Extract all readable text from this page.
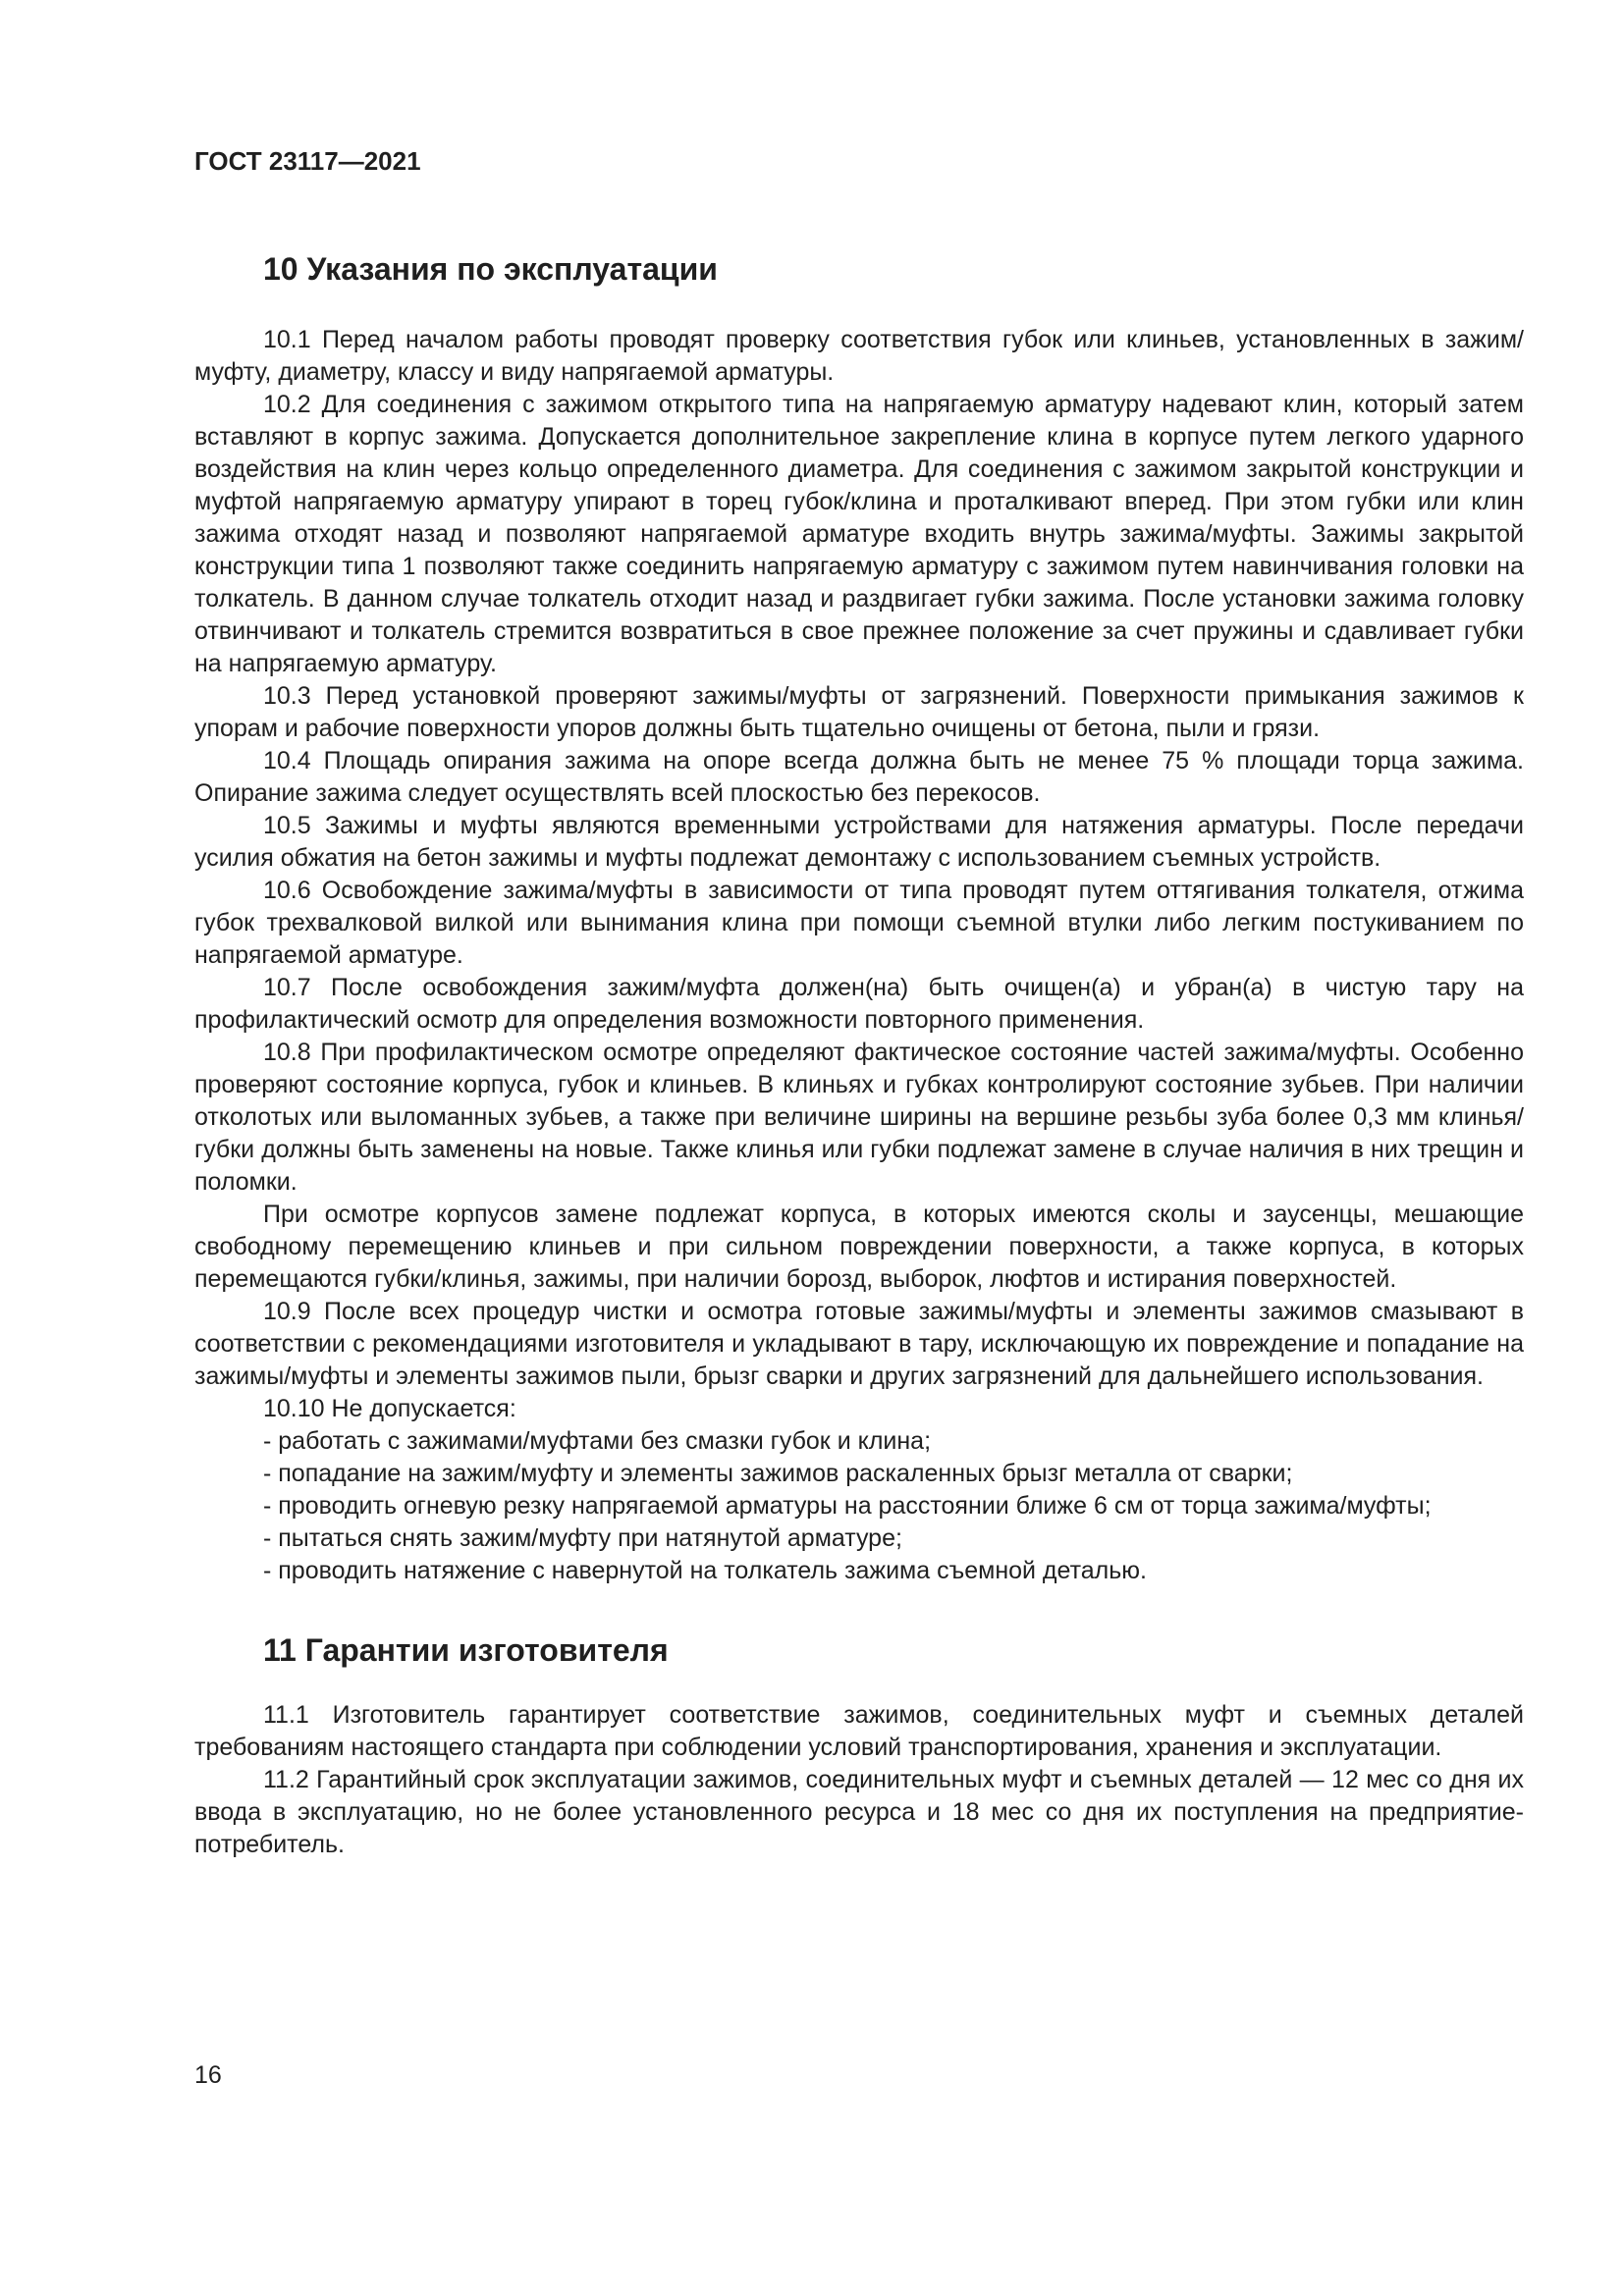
ГОСТ 23117—2021

10 Указания по эксплуатации

10.1 Перед началом работы проводят проверку соответствия губок или клиньев, установленных в зажим/муфту, диаметру, классу и виду напрягаемой арматуры.

10.2 Для соединения с зажимом открытого типа на напрягаемую арматуру надевают клин, который затем вставляют в корпус зажима. Допускается дополнительное закрепление клина в корпусе путем легкого ударного воздействия на клин через кольцо определенного диаметра. Для соединения с зажимом закрытой конструкции и муфтой напрягаемую арматуру упирают в торец губок/клина и проталкивают вперед. При этом губки или клин зажима отходят назад и позволяют напрягаемой арматуре входить внутрь зажима/муфты. Зажимы закрытой конструкции типа 1 позволяют также соединить напрягаемую арматуру с зажимом путем навинчивания головки на толкатель. В данном случае толкатель отходит назад и раздвигает губки зажима. После установки зажима головку отвинчивают и толкатель стремится возвратиться в свое прежнее положение за счет пружины и сдавливает губки на напрягаемую арматуру.

10.3 Перед установкой проверяют зажимы/муфты от загрязнений. Поверхности примыкания зажимов к упорам и рабочие поверхности упоров должны быть тщательно очищены от бетона, пыли и грязи.

10.4 Площадь опирания зажима на опоре всегда должна быть не менее 75 % площади торца зажима. Опирание зажима следует осуществлять всей плоскостью без перекосов.

10.5 Зажимы и муфты являются временными устройствами для натяжения арматуры. После передачи усилия обжатия на бетон зажимы и муфты подлежат демонтажу с использованием съемных устройств.

10.6 Освобождение зажима/муфты в зависимости от типа проводят путем оттягивания толкателя, отжима губок трехвалковой вилкой или вынимания клина при помощи съемной втулки либо легким постукиванием по напрягаемой арматуре.

10.7 После освобождения зажим/муфта должен(на) быть очищен(а) и убран(а) в чистую тару на профилактический осмотр для определения возможности повторного применения.

10.8 При профилактическом осмотре определяют фактическое состояние частей зажима/муфты. Особенно проверяют состояние корпуса, губок и клиньев. В клиньях и губках контролируют состояние зубьев. При наличии отколотых или выломанных зубьев, а также при величине ширины на вершине резьбы зуба более 0,3 мм клинья/губки должны быть заменены на новые. Также клинья или губки подлежат замене в случае наличия в них трещин и поломки.

При осмотре корпусов замене подлежат корпуса, в которых имеются сколы и заусенцы, мешающие свободному перемещению клиньев и при сильном повреждении поверхности, а также корпуса, в которых перемещаются губки/клинья, зажимы, при наличии борозд, выборок, люфтов и истирания поверхностей.

10.9 После всех процедур чистки и осмотра готовые зажимы/муфты и элементы зажимов смазывают в соответствии с рекомендациями изготовителя и укладывают в тару, исключающую их повреждение и попадание на зажимы/муфты и элементы зажимов пыли, брызг сварки и других загрязнений для дальнейшего использования.

10.10 Не допускается:

- работать с зажимами/муфтами без смазки губок и клина;

- попадание на зажим/муфту и элементы зажимов раскаленных брызг металла от сварки;

- проводить огневую резку напрягаемой арматуры на расстоянии ближе 6 см от торца зажима/муфты;

- пытаться снять зажим/муфту при натянутой арматуре;

- проводить натяжение с навернутой на толкатель зажима съемной деталью.

11 Гарантии изготовителя

11.1 Изготовитель гарантирует соответствие зажимов, соединительных муфт и съемных деталей требованиям настоящего стандарта при соблюдении условий транспортирования, хранения и эксплуатации.

11.2 Гарантийный срок эксплуатации зажимов, соединительных муфт и съемных деталей — 12 мес со дня их ввода в эксплуатацию, но не более установленного ресурса и 18 мес со дня их поступления на предприятие-потребитель.

16
